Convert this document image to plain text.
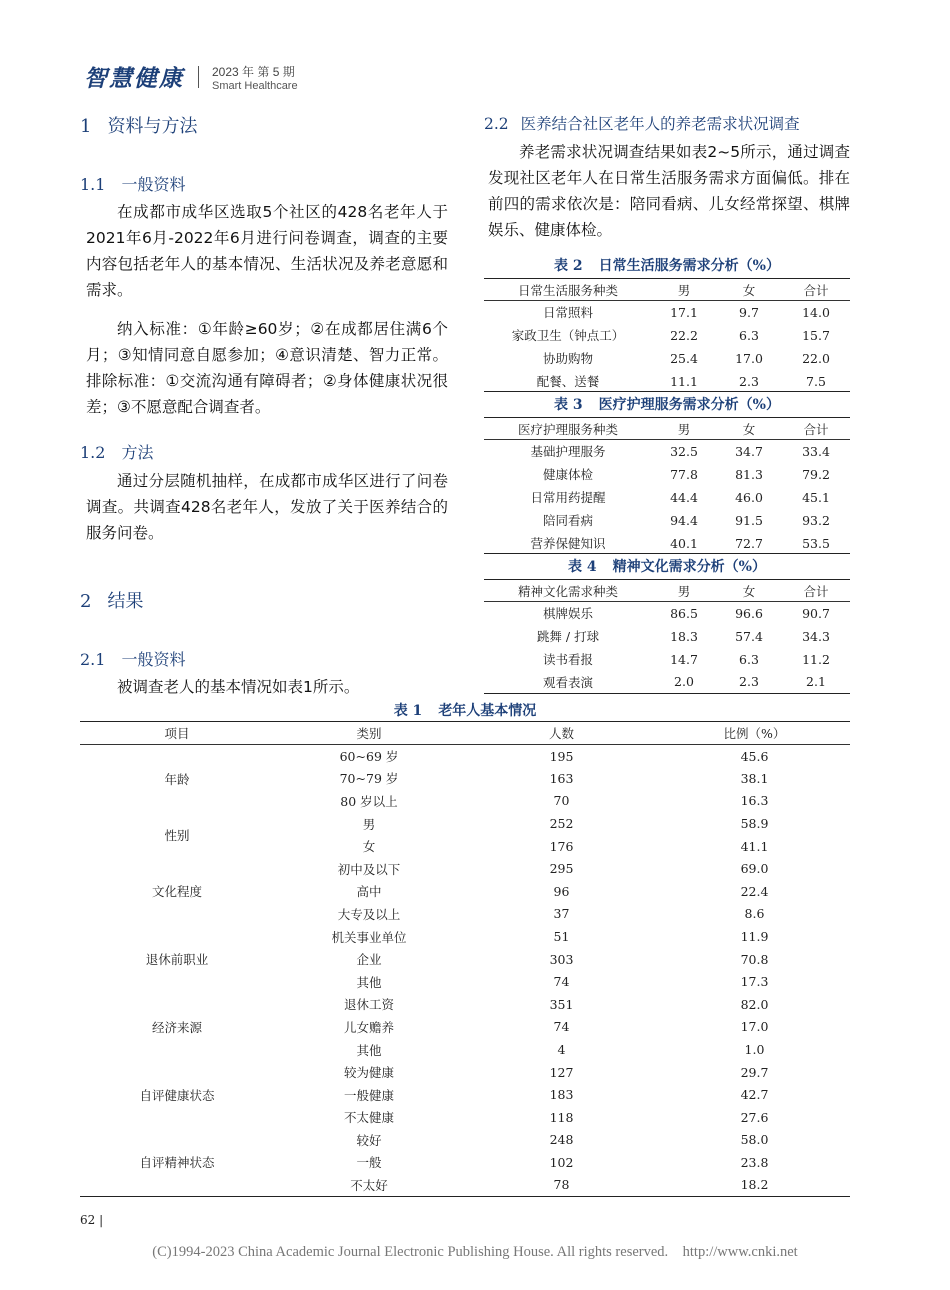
智慧健康 2023 年 第 5 期
Smart Healthcare
1 资料与方法
1.1 一般资料

在成都市成华区选取5个社区的428名老年人于2021年6月-2022年6月进行问卷调查，调查的主要内容包括老年人的基本情况、生活状况及养老意愿和需求。

纳入标准：①年龄≥60岁；②在成都居住满6个月；③知情同意自愿参加；④意识清楚、智力正常。排除标准：①交流沟通有障碍者；②身体健康状况很差；③不愿意配合调查者。

1.2 方法

通过分层随机抽样，在成都市成华区进行了问卷调查。共调查428名老年人，发放了关于医养结合的服务问卷。

2 结果
2.1 一般资料

被调查老人的基本情况如表1所示。

2.2 医养结合社区老年人的养老需求状况调查

养老需求状况调查结果如表2~5所示，通过调查发现社区老年人在日常生活服务需求方面偏低。排在前四的需求依次是：陪同看病、儿女经常探望、棋牌娱乐、健康体检。

表 2 日常生活服务需求分析（%）
日常生活服务种类	男	女	合计
日常照料	17.1	9.7	14.0
家政卫生（钟点工）	22.2	6.3	15.7
协助购物	25.4	17.0	22.0
配餐、送餐	11.1	2.3	7.5
表 3 医疗护理服务需求分析（%）
医疗护理服务种类	男	女	合计
基础护理服务	32.5	34.7	33.4
健康体检	77.8	81.3	79.2
日常用药提醒	44.4	46.0	45.1
陪同看病	94.4	91.5	93.2
营养保健知识	40.1	72.7	53.5
表 4 精神文化需求分析（%）
精神文化需求种类	男	女	合计
棋牌娱乐	86.5	96.6	90.7
跳舞 / 打球	18.3	57.4	34.3
读书看报	14.7	6.3	11.2
观看表演	2.0	2.3	2.1
表 1 老年人基本情况
项目	类别	人数	比例（%）
年龄	60~69 岁	195	45.6
	70~79 岁	163	38.1
	80 岁以上	70	16.3
性别	男	252	58.9
	女	176	41.1
文化程度	初中及以下	295	69.0
	高中	96	22.4
	大专及以上	37	8.6
退休前职业	机关事业单位	51	11.9
	企业	303	70.8
	其他	74	17.3
经济来源	退休工资	351	82.0
	儿女赡养	74	17.0
	其他	4	1.0
自评健康状态	较为健康	127	29.7
	一般健康	183	42.7
	不太健康	118	27.6
自评精神状态	较好	248	58.0
	一般	102	23.8
	不太好	78	18.2
62 |
(C)1994-2023 China Academic Journal Electronic Publishing House. All rights reserved.    http://www.cnki.net
